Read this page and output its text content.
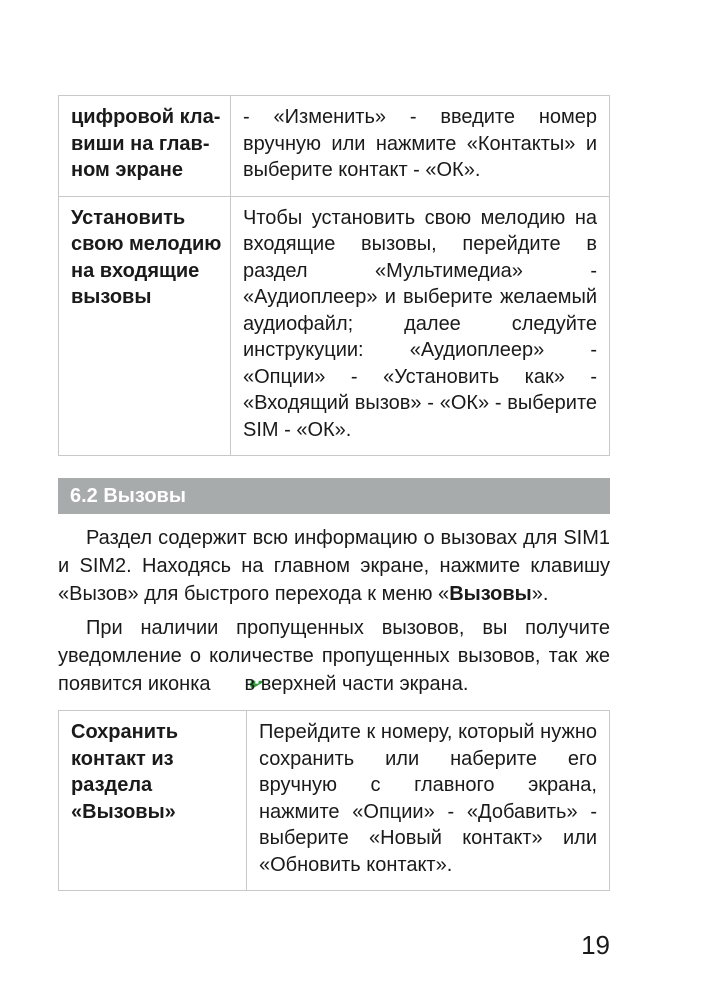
цифровой кла-виши на глав-ном экране	- «Изменить» - введите номер вручную или нажмите «Контакты» и выберите контакт - «ОК».
Установить свою мелодию на входящие вызовы	Чтобы установить свою мелодию на входящие вызовы, перейдите в раздел «Мультимедиа» - «Аудиоплеер» и выберите желаемый аудиофайл; далее следуйте инструкуции: «Аудиоплеер» - «Опции» - «Установить как» - «Входящий вызов» - «ОК» - выберите SIM - «ОК».
6.2 Вызовы

Раздел содержит всю информацию о вызовах для SIM1 и SIM2. Находясь на главном экране, нажмите клавишу «Вызов» для быстрого перехода к меню «Вызовы».

При наличии пропущенных вызовов, вы получите уведомление о количестве пропущенных вызовов, так же появится иконка в верхней части экрана.

Сохранить контакт из раздела «Вызовы»	Перейдите к номеру, который нужно сохранить или наберите его вручную с главного экрана, нажмите «Опции» - «Добавить» - выберите «Новый контакт» или «Обновить контакт».
19
